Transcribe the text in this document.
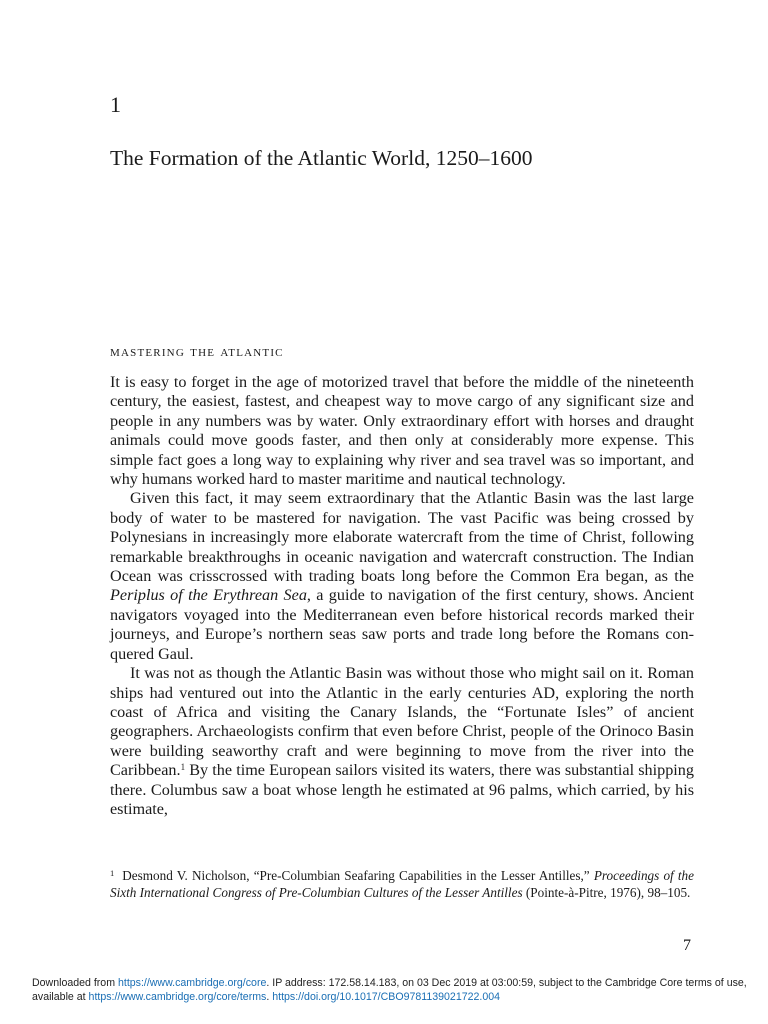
1
The Formation of the Atlantic World, 1250–1600
mastering the atlantic

It is easy to forget in the age of motorized travel that before the middle of the nineteenth century, the easiest, fastest, and cheapest way to move cargo of any significant size and people in any numbers was by water. Only extraordinary effort with horses and draught animals could move goods faster, and then only at considerably more expense. This simple fact goes a long way to explaining why river and sea travel was so important, and why humans worked hard to master maritime and nautical technology.

Given this fact, it may seem extraordinary that the Atlantic Basin was the last large body of water to be mastered for navigation. The vast Pacific was being crossed by Polynesians in increasingly more elaborate watercraft from the time of Christ, following remarkable breakthroughs in oceanic navigation and watercraft construction. The Indian Ocean was crisscrossed with trading boats long before the Common Era began, as the Periplus of the Erythrean Sea, a guide to navigation of the first century, shows. Ancient navigators voyaged into the Mediterranean even before historical records marked their journeys, and Europe’s northern seas saw ports and trade long before the Romans conquered Gaul.

It was not as though the Atlantic Basin was without those who might sail on it. Roman ships had ventured out into the Atlantic in the early centuries AD, exploring the north coast of Africa and visiting the Canary Islands, the “Fortunate Isles” of ancient geographers. Archaeologists confirm that even before Christ, people of the Orinoco Basin were building seaworthy craft and were beginning to move from the river into the Caribbean.$^1$ By the time European sailors visited its waters, there was substantial shipping there. Columbus saw a boat whose length he estimated at 96 palms, which carried, by his estimate,

$^1$ Desmond V. Nicholson, “Pre-Columbian Seafaring Capabilities in the Lesser Antilles,” Proceedings of the Sixth International Congress of Pre-Columbian Cultures of the Lesser Antilles (Pointe-à-Pitre, 1976), 98–105.
7
Downloaded from https://www.cambridge.org/core. IP address: 172.58.14.183, on 03 Dec 2019 at 03:00:59, subject to the Cambridge Core terms of use, available at https://www.cambridge.org/core/terms. https://doi.org/10.1017/CBO9781139021722.004
